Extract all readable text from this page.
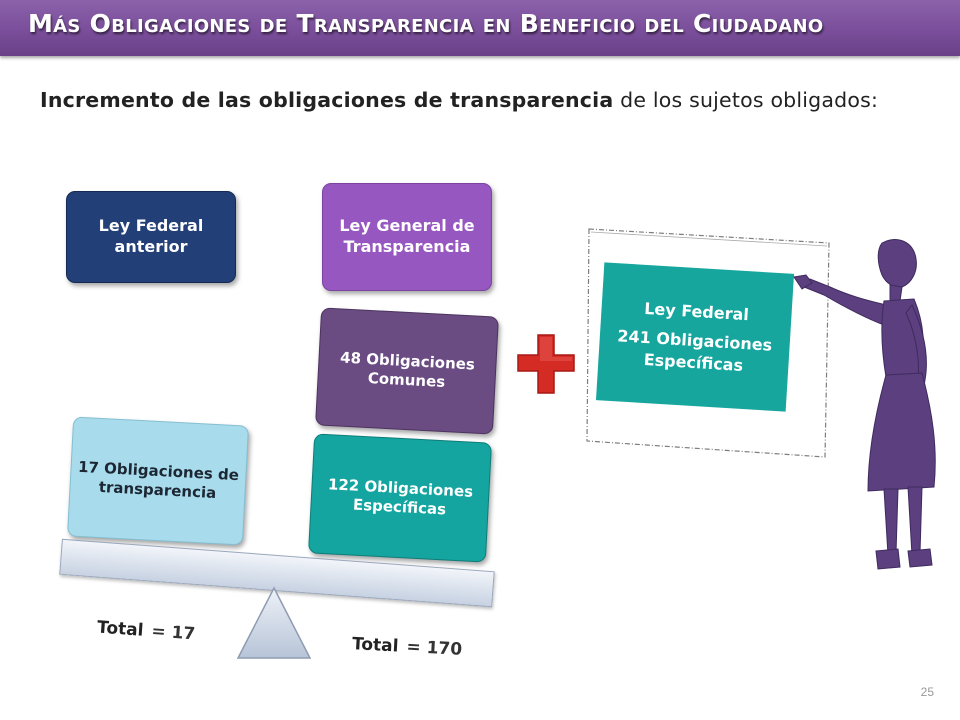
Más Obligaciones de Transparencia en Beneficio del Ciudadano
Incremento de las obligaciones de transparencia de los sujetos obligados:
Ley Federal anterior
Ley General de Transparencia
48 Obligaciones Comunes
122 Obligaciones Específicas
17 Obligaciones de transparencia
Total = 17
Total = 170
Ley Federal
241 Obligaciones Específicas
25
